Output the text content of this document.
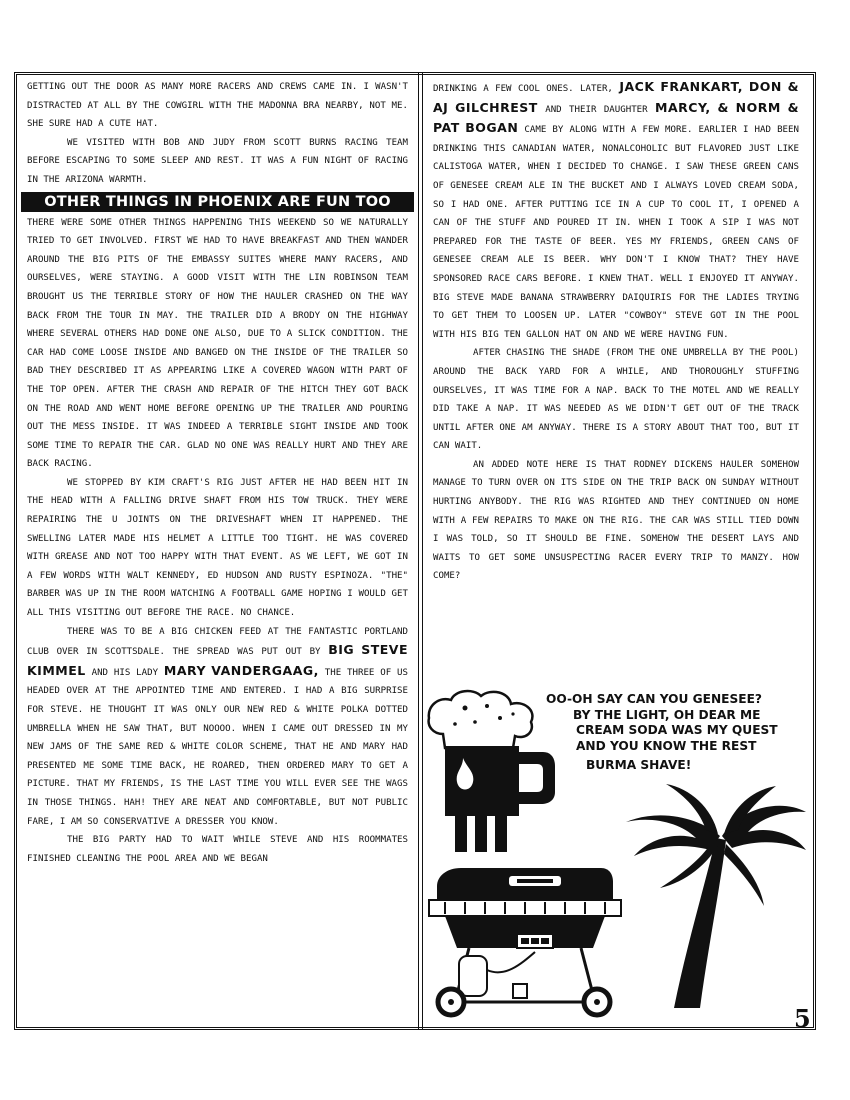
GETTING OUT THE DOOR AS MANY MORE RACERS AND CREWS CAME IN. I WASN'T DISTRACTED AT ALL BY THE COWGIRL WITH THE MADONNA BRA NEARBY, NOT ME. SHE SURE HAD A CUTE HAT.

WE VISITED WITH BOB AND JUDY FROM SCOTT BURNS RACING TEAM BEFORE ESCAPING TO SOME SLEEP AND REST. IT WAS A FUN NIGHT OF RACING IN THE ARIZONA WARMTH.

OTHER THINGS IN PHOENIX ARE FUN TOO

THERE WERE SOME OTHER THINGS HAPPENING THIS WEEKEND SO WE NATURALLY TRIED TO GET INVOLVED. FIRST WE HAD TO HAVE BREAKFAST AND THEN WANDER AROUND THE BIG PITS OF THE EMBASSY SUITES WHERE MANY RACERS, AND OURSELVES, WERE STAYING. A GOOD VISIT WITH THE LIN ROBINSON TEAM BROUGHT US THE TERRIBLE STORY OF HOW THE HAULER CRASHED ON THE WAY BACK FROM THE TOUR IN MAY. THE TRAILER DID A BRODY ON THE HIGHWAY WHERE SEVERAL OTHERS HAD DONE ONE ALSO, DUE TO A SLICK CONDITION. THE CAR HAD COME LOOSE INSIDE AND BANGED ON THE INSIDE OF THE TRAILER SO BAD THEY DESCRIBED IT AS APPEARING LIKE A COVERED WAGON WITH PART OF THE TOP OPEN. AFTER THE CRASH AND REPAIR OF THE HITCH THEY GOT BACK ON THE ROAD AND WENT HOME BEFORE OPENING UP THE TRAILER AND POURING OUT THE MESS INSIDE. IT WAS INDEED A TERRIBLE SIGHT INSIDE AND TOOK SOME TIME TO REPAIR THE CAR. GLAD NO ONE WAS REALLY HURT AND THEY ARE BACK RACING.

WE STOPPED BY KIM CRAFT'S RIG JUST AFTER HE HAD BEEN HIT IN THE HEAD WITH A FALLING DRIVE SHAFT FROM HIS TOW TRUCK. THEY WERE REPAIRING THE U JOINTS ON THE DRIVESHAFT WHEN IT HAPPENED. THE SWELLING LATER MADE HIS HELMET A LITTLE TOO TIGHT. HE WAS COVERED WITH GREASE AND NOT TOO HAPPY WITH THAT EVENT. AS WE LEFT, WE GOT IN A FEW WORDS WITH WALT KENNEDY, ED HUDSON AND RUSTY ESPINOZA. "THE" BARBER WAS UP IN THE ROOM WATCHING A FOOTBALL GAME HOPING I WOULD GET ALL THIS VISITING OUT BEFORE THE RACE. NO CHANCE.

THERE WAS TO BE A BIG CHICKEN FEED AT THE FANTASTIC PORTLAND CLUB OVER IN SCOTTSDALE. THE SPREAD WAS PUT OUT BY BIG STEVE KIMMEL AND HIS LADY MARY VANDERGAAG, THE THREE OF US HEADED OVER AT THE APPOINTED TIME AND ENTERED. I HAD A BIG SURPRISE FOR STEVE. HE THOUGHT IT WAS ONLY OUR NEW RED & WHITE POLKA DOTTED UMBRELLA WHEN HE SAW THAT, BUT NOOOO. WHEN I CAME OUT DRESSED IN MY NEW JAMS OF THE SAME RED & WHITE COLOR SCHEME, THAT HE AND MARY HAD PRESENTED ME SOME TIME BACK, HE ROARED, THEN ORDERED MARY TO GET A PICTURE. THAT MY FRIENDS, IS THE LAST TIME YOU WILL EVER SEE THE WAGS IN THOSE THINGS. HAH! THEY ARE NEAT AND COMFORTABLE, BUT NOT PUBLIC FARE, I AM SO CONSERVATIVE A DRESSER YOU KNOW.

THE BIG PARTY HAD TO WAIT WHILE STEVE AND HIS ROOMMATES FINISHED CLEANING THE POOL AREA AND WE BEGAN

DRINKING A FEW COOL ONES. LATER, JACK FRANKART, DON & AJ GILCHREST AND THEIR DAUGHTER MARCY, & NORM & PAT BOGAN CAME BY ALONG WITH A FEW MORE. EARLIER I HAD BEEN DRINKING THIS CANADIAN WATER, NONALCOHOLIC BUT FLAVORED JUST LIKE CALISTOGA WATER, WHEN I DECIDED TO CHANGE. I SAW THESE GREEN CANS OF GENESEE CREAM ALE IN THE BUCKET AND I ALWAYS LOVED CREAM SODA, SO I HAD ONE. AFTER PUTTING ICE IN A CUP TO COOL IT, I OPENED A CAN OF THE STUFF AND POURED IT IN. WHEN I TOOK A SIP I WAS NOT PREPARED FOR THE TASTE OF BEER. YES MY FRIENDS, GREEN CANS OF GENESEE CREAM ALE IS BEER. WHY DON'T I KNOW THAT? THEY HAVE SPONSORED RACE CARS BEFORE. I KNEW THAT. WELL I ENJOYED IT ANYWAY. BIG STEVE MADE BANANA STRAWBERRY DAIQUIRIS FOR THE LADIES TRYING TO GET THEM TO LOOSEN UP. LATER "COWBOY" STEVE GOT IN THE POOL WITH HIS BIG TEN GALLON HAT ON AND WE WERE HAVING FUN.

AFTER CHASING THE SHADE (FROM THE ONE UMBRELLA BY THE POOL) AROUND THE BACK YARD FOR A WHILE, AND THOROUGHLY STUFFING OURSELVES, IT WAS TIME FOR A NAP. BACK TO THE MOTEL AND WE REALLY DID TAKE A NAP. IT WAS NEEDED AS WE DIDN'T GET OUT OF THE TRACK UNTIL AFTER ONE AM ANYWAY. THERE IS A STORY ABOUT THAT TOO, BUT IT CAN WAIT.

AN ADDED NOTE HERE IS THAT RODNEY DICKENS HAULER SOMEHOW MANAGE TO TURN OVER ON ITS SIDE ON THE TRIP BACK ON SUNDAY WITHOUT HURTING ANYBODY. THE RIG WAS RIGHTED AND THEY CONTINUED ON HOME WITH A FEW REPAIRS TO MAKE ON THE RIG. THE CAR WAS STILL TIED DOWN I WAS TOLD, SO IT SHOULD BE FINE. SOMEHOW THE DESERT LAYS AND WAITS TO GET SOME UNSUSPECTING RACER EVERY TRIP TO MANZY. HOW COME?

OO-OH SAY CAN YOU GENESEE?
BY THE LIGHT, OH DEAR ME
CREAM SODA WAS MY QUEST
AND YOU KNOW THE REST
BURMA SHAVE!
5
